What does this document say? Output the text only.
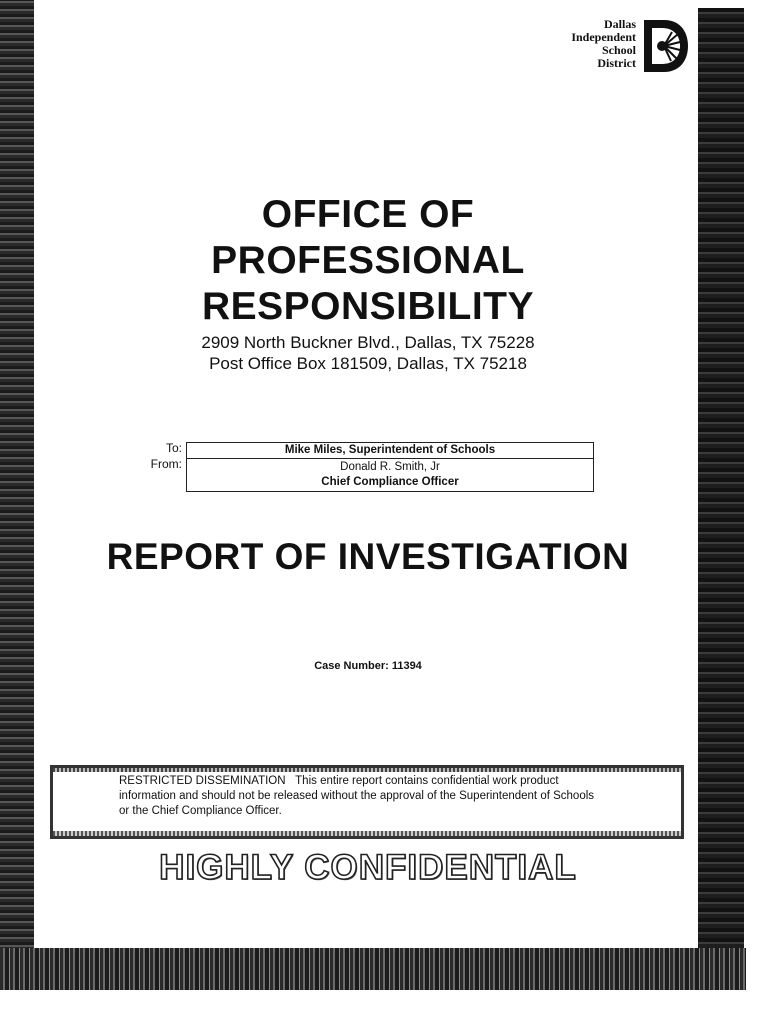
Dallas
Independent
School
District
OFFICE OF
PROFESSIONAL
RESPONSIBILITY
2909 North Buckner Blvd., Dallas, TX 75228
Post Office Box 181509, Dallas, TX 75218
To:
From:
Mike Miles, Superintendent of Schools
Donald R. Smith, Jr
Chief Compliance Officer
REPORT OF INVESTIGATION
Case Number: 11394
RESTRICTED DISSEMINATION This entire report contains confidential work product
information and should not be released without the approval of the Superintendent of Schools
or the Chief Compliance Officer.
HIGHLY CONFIDENTIAL
